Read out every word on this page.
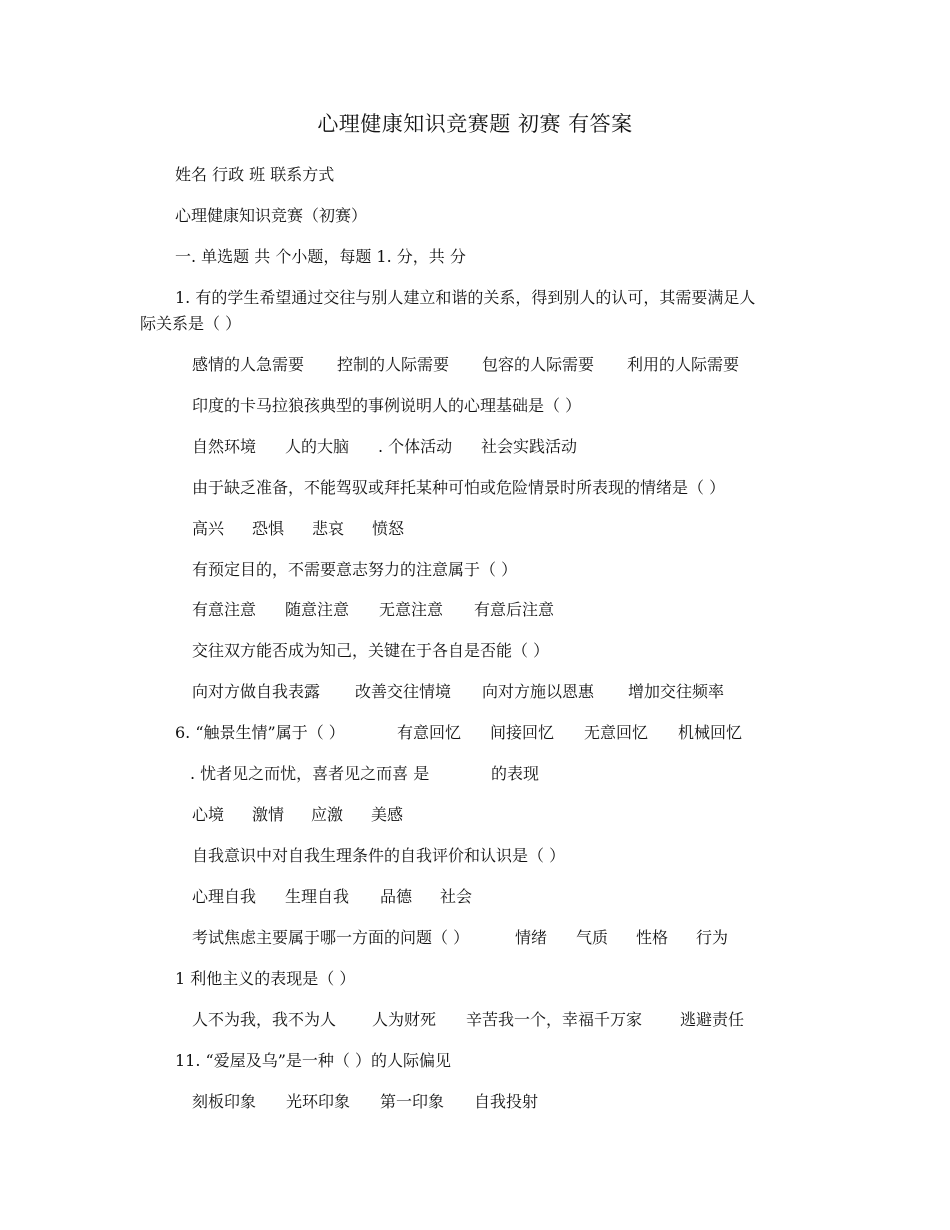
心理健康知识竞赛题 初赛 有答案
姓名 行政 班 联系方式
心理健康知识竞赛（初赛）
一. 单选题 共 个小题，每题 1. 分，共 分
1. 有的学生希望通过交往与别人建立和谐的关系，得到别人的认可，其需要满足人
际关系是（ ）
感情的人急需要 控制的人际需要 包容的人际需要 利用的人际需要
印度的卡马拉狼孩典型的事例说明人的心理基础是（ ）
自然环境 人的大脑 . 个体活动 社会实践活动
由于缺乏准备，不能驾驭或拜托某种可怕或危险情景时所表现的情绪是（ ）
高兴 恐惧 悲哀 愤怒
有预定目的，不需要意志努力的注意属于（ ）
有意注意 随意注意 无意注意 有意后注意
交往双方能否成为知己，关键在于各自是否能（ ）
向对方做自我表露 改善交往情境 向对方施以恩惠 增加交往频率
6. “触景生情”属于（ ）	有意回忆 间接回忆 无意回忆 机械回忆
. 忧者见之而忧，喜者见之而喜 是	的表现
心境 激情 应激 美感
自我意识中对自我生理条件的自我评价和认识是（ ）
心理自我 生理自我 品德 社会
考试焦虑主要属于哪一方面的问题（ ）	情绪 气质 性格 行为
1 利他主义的表现是（ ）
人不为我，我不为人 人为财死 辛苦我一个，幸福千万家 逃避责任
11. “爱屋及乌”是一种（ ）的人际偏见
刻板印象 光环印象 第一印象 自我投射
